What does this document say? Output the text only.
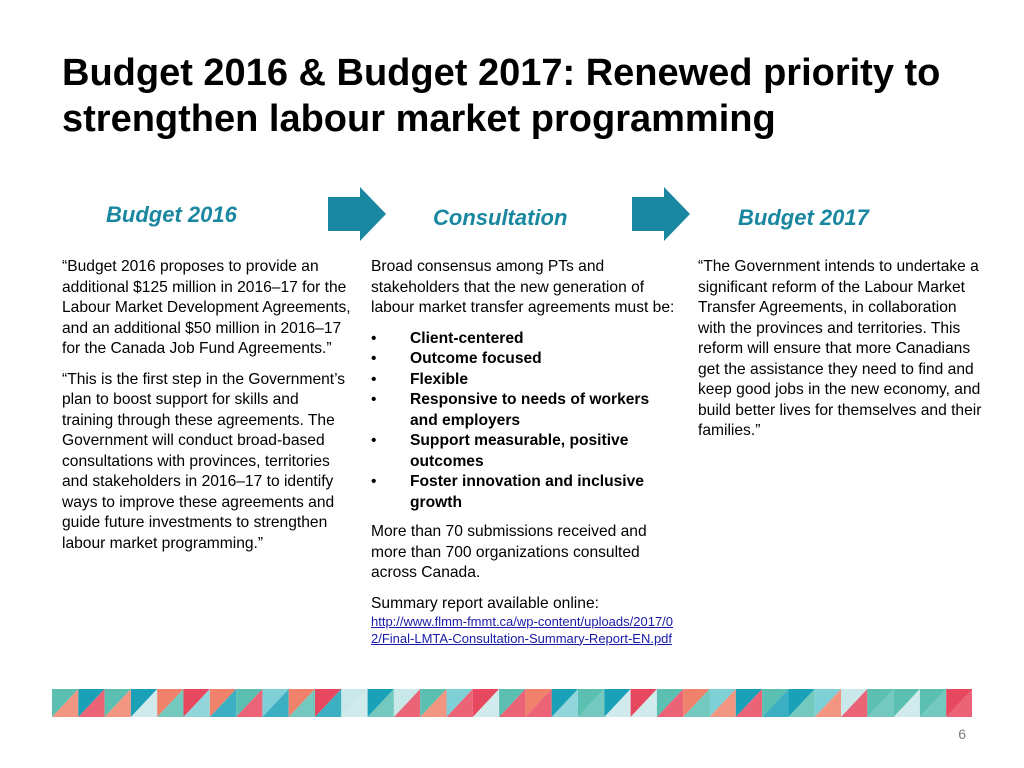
Budget 2016 & Budget 2017: Renewed priority to strengthen labour market programming
Budget 2016	Consultation	Budget 2017

“Budget 2016 proposes to provide an additional $125 million in 2016–17 for the Labour Market Development Agreements, and an additional $50 million in 2016–17 for the Canada Job Fund Agreements.”

“This is the first step in the Government’s plan to boost support for skills and training through these agreements. The Government will conduct broad-based consultations with provinces, territories and stakeholders in 2016–17 to identify ways to improve these agreements and guide future investments to strengthen labour market programming.”

Broad consensus among PTs and stakeholders that the new generation of labour market transfer agreements must be:

• Client-centered
• Outcome focused
• Flexible
• Responsive to needs of workers and employers
• Support measurable, positive outcomes
• Foster innovation and inclusive growth

More than 70 submissions received and more than 700 organizations consulted across Canada.

Summary report available online:

http://www.flmm-fmmt.ca/wp-content/uploads/2017/02/Final-LMTA-Consultation-Summary-Report-EN.pdf

“The Government intends to undertake a significant reform of the Labour Market Transfer Agreements, in collaboration with the provinces and territories. This reform will ensure that more Canadians get the assistance they need to find and keep good jobs in the new economy, and build better lives for themselves and their families.”

6
